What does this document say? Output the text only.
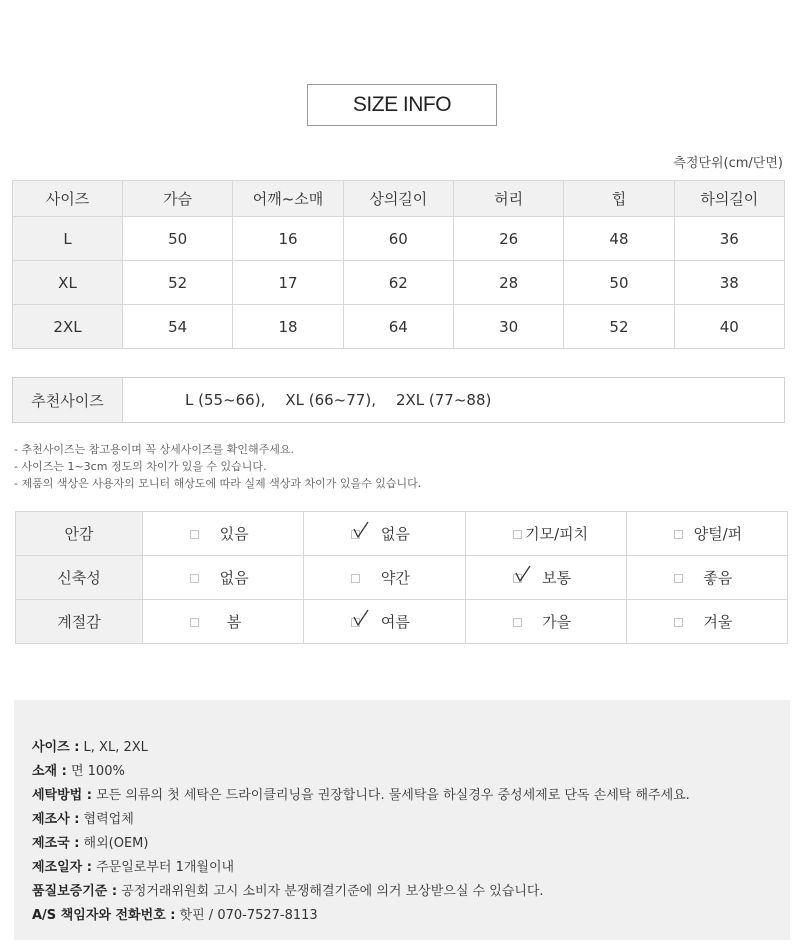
SIZE INFO
측정단위(cm/단면)
사이즈	가슴	어깨~소매	상의길이	허리	힙	하의길이
L	50	16	60	26	48	36
XL	52	17	62	28	50	38
2XL	54	18	64	30	52	40
추천사이즈	L (55~66), XL (66~77), 2XL (77~88)
- 추천사이즈는 참고용이며 꼭 상세사이즈를 확인해주세요.
- 사이즈는 1~3cm 정도의 차이가 있을 수 있습니다.
- 제품의 색상은 사용자의 모니터 해상도에 따라 실제 색상과 차이가 있을수 있습니다.
안감	있음	없음	기모/피치	양털/퍼
신축성	없음	약간	보통	좋음
계절감	봄	여름	가을	겨울
사이즈 : L, XL, 2XL
소재 : 면 100%
세탁방법 : 모든 의류의 첫 세탁은 드라이클리닝을 권장합니다. 물세탁을 하실경우 중성세제로 단독 손세탁 해주세요.
제조사 : 협력업체
제조국 : 해외(OEM)
제조일자 : 주문일로부터 1개월이내
품질보증기준 : 공정거래위원회 고시 소비자 분쟁해결기준에 의거 보상받으실 수 있습니다.
A/S 책임자와 전화번호 : 핫핀 / 070-7527-8113
